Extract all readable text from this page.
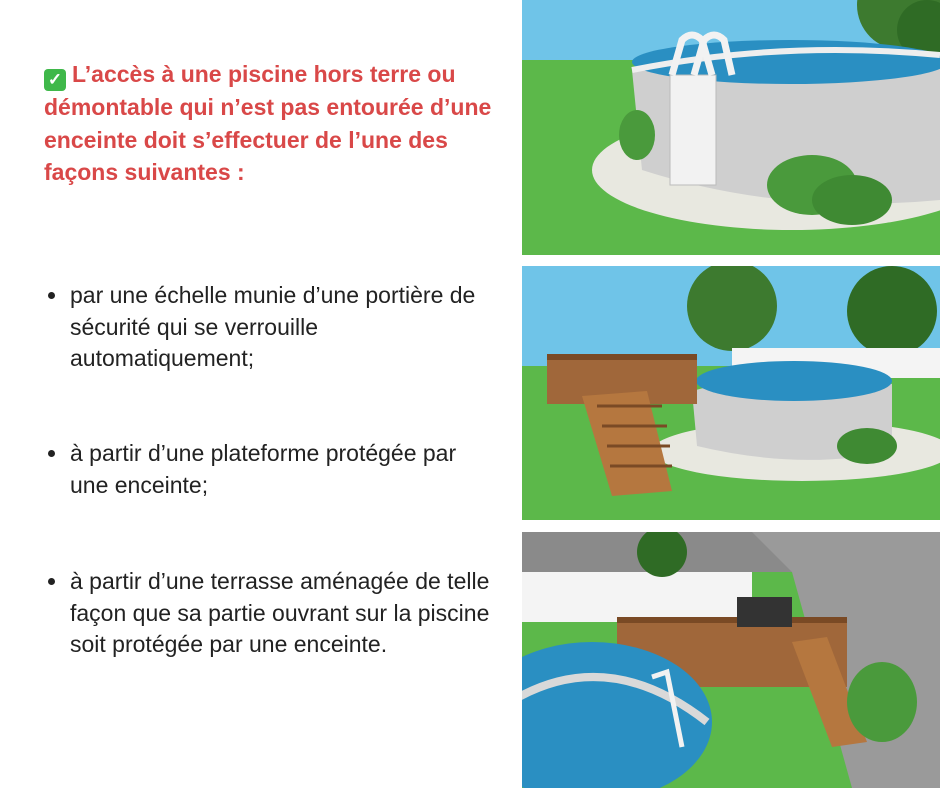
✓ L’accès à une piscine hors terre ou démontable qui n’est pas entourée d’une enceinte doit s’effectuer de l’une des façons suivantes :
par une échelle munie d’une portière de sécurité qui se verrouille automatiquement;
à partir d’une plateforme protégée par une enceinte;
à partir d’une terrasse aménagée de telle façon que sa partie ouvrant sur la piscine soit protégée par une enceinte.
